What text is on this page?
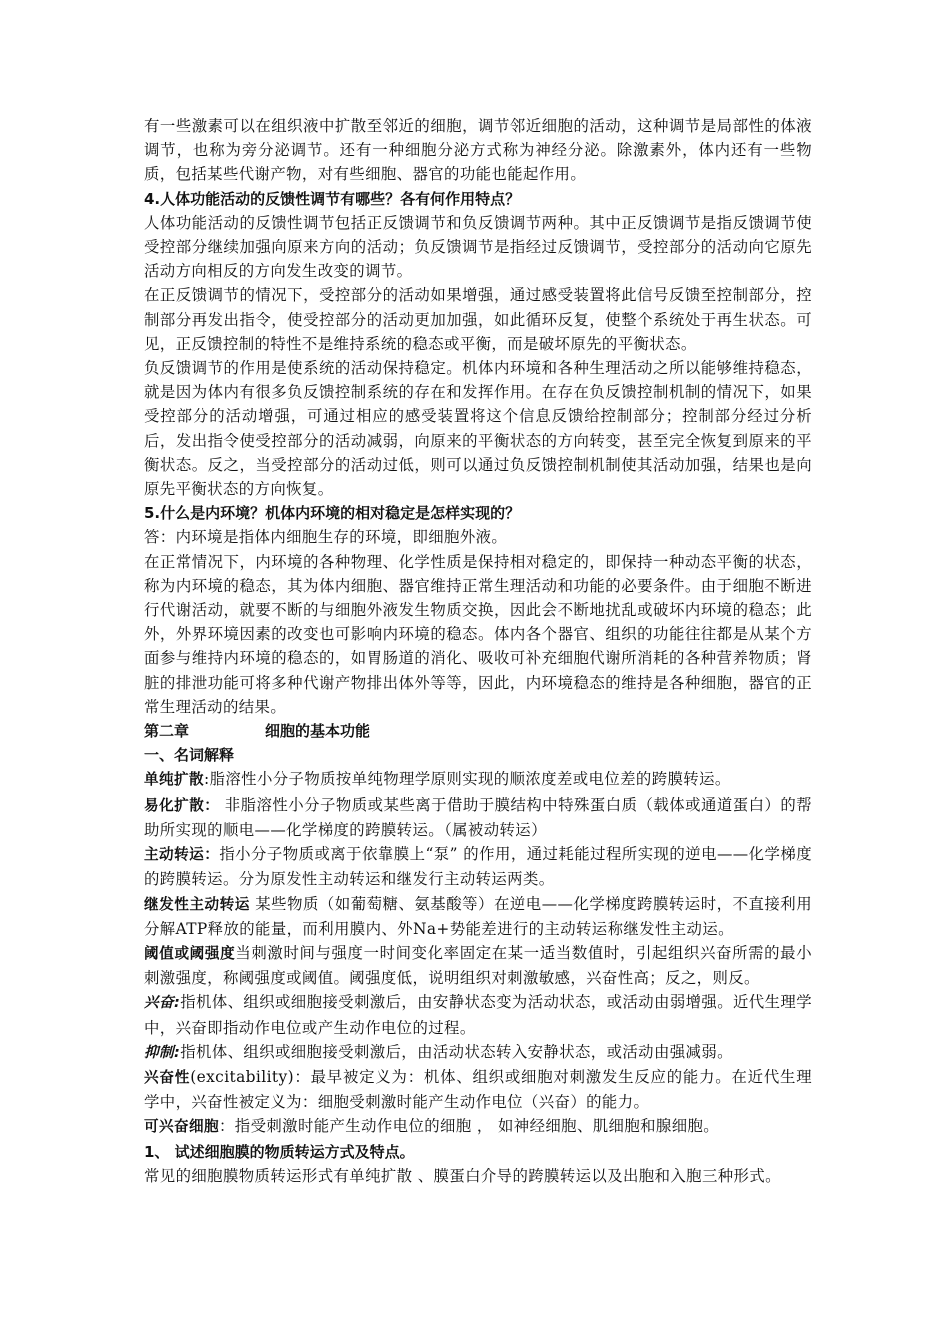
有一些激素可以在组织液中扩散至邻近的细胞，调节邻近细胞的活动，这种调节是局部性的体液调节，也称为旁分泌调节。还有一种细胞分泌方式称为神经分泌。除激素外，体内还有一些物质，包括某些代谢产物，对有些细胞、器官的功能也能起作用。

4.人体功能活动的反馈性调节有哪些？各有何作用特点？

人体功能活动的反馈性调节包括正反馈调节和负反馈调节两种。其中正反馈调节是指反馈调节使受控部分继续加强向原来方向的活动；负反馈调节是指经过反馈调节，受控部分的活动向它原先活动方向相反的方向发生改变的调节。

在正反馈调节的情况下，受控部分的活动如果增强，通过感受装置将此信号反馈至控制部分，控制部分再发出指令，使受控部分的活动更加加强，如此循环反复，使整个系统处于再生状态。可见，正反馈控制的特性不是维持系统的稳态或平衡，而是破坏原先的平衡状态。

负反馈调节的作用是使系统的活动保持稳定。机体内环境和各种生理活动之所以能够维持稳态，就是因为体内有很多负反馈控制系统的存在和发挥作用。在存在负反馈控制机制的情况下，如果受控部分的活动增强，可通过相应的感受装置将这个信息反馈给控制部分；控制部分经过分析后，发出指令使受控部分的活动减弱，向原来的平衡状态的方向转变，甚至完全恢复到原来的平衡状态。反之，当受控部分的活动过低，则可以通过负反馈控制机制使其活动加强，结果也是向原先平衡状态的方向恢复。

5.什么是内环境？机体内环境的相对稳定是怎样实现的？

答：内环境是指体内细胞生存的环境，即细胞外液。

在正常情况下，内环境的各种物理、化学性质是保持相对稳定的，即保持一种动态平衡的状态，称为内环境的稳态，其为体内细胞、器官维持正常生理活动和功能的必要条件。由于细胞不断进行代谢活动，就要不断的与细胞外液发生物质交换，因此会不断地扰乱或破坏内环境的稳态；此外，外界环境因素的改变也可影响内环境的稳态。体内各个器官、组织的功能往往都是从某个方面参与维持内环境的稳态的，如胃肠道的消化、吸收可补充细胞代谢所消耗的各种营养物质；肾脏的排泄功能可将多种代谢产物排出体外等等，因此，内环境稳态的维持是各种细胞，器官的正常生理活动的结果。

第二章	细胞的基本功能

一、名词解释

单纯扩散:脂溶性小分子物质按单纯物理学原则实现的顺浓度差或电位差的跨膜转运。

易化扩散： 非脂溶性小分子物质或某些离于借助于膜结构中特殊蛋白质（载体或通道蛋白）的帮助所实现的顺电——化学梯度的跨膜转运。（属被动转运）

主动转运：指小分子物质或离于依靠膜上“泵” 的作用，通过耗能过程所实现的逆电——化学梯度的跨膜转运。分为原发性主动转运和继发行主动转运两类。

继发性主动转运 某些物质（如葡萄糖、氨基酸等）在逆电——化学梯度跨膜转运时，不直接利用分解ATP释放的能量，而利用膜内、外Na+势能差进行的主动转运称继发性主动运。

阈值或阈强度当刺激时间与强度一时间变化率固定在某一适当数值时，引起组织兴奋所需的最小刺激强度，称阈强度或阈值。阈强度低，说明组织对刺激敏感，兴奋性高；反之，则反。

兴奋:指机体、组织或细胞接受刺激后，由安静状态变为活动状态，或活动由弱增强。近代生理学中，兴奋即指动作电位或产生动作电位的过程。

抑制:指机体、组织或细胞接受刺激后，由活动状态转入安静状态，或活动由强减弱。

兴奋性(excitability)：最早被定义为：机体、组织或细胞对刺激发生反应的能力。在近代生理学中，兴奋性被定义为：细胞受刺激时能产生动作电位（兴奋）的能力。

可兴奋细胞：指受刺激时能产生动作电位的细胞 ， 如神经细胞、肌细胞和腺细胞。

1、 试述细胞膜的物质转运方式及特点。

常见的细胞膜物质转运形式有单纯扩散 、膜蛋白介导的跨膜转运以及出胞和入胞三种形式。
